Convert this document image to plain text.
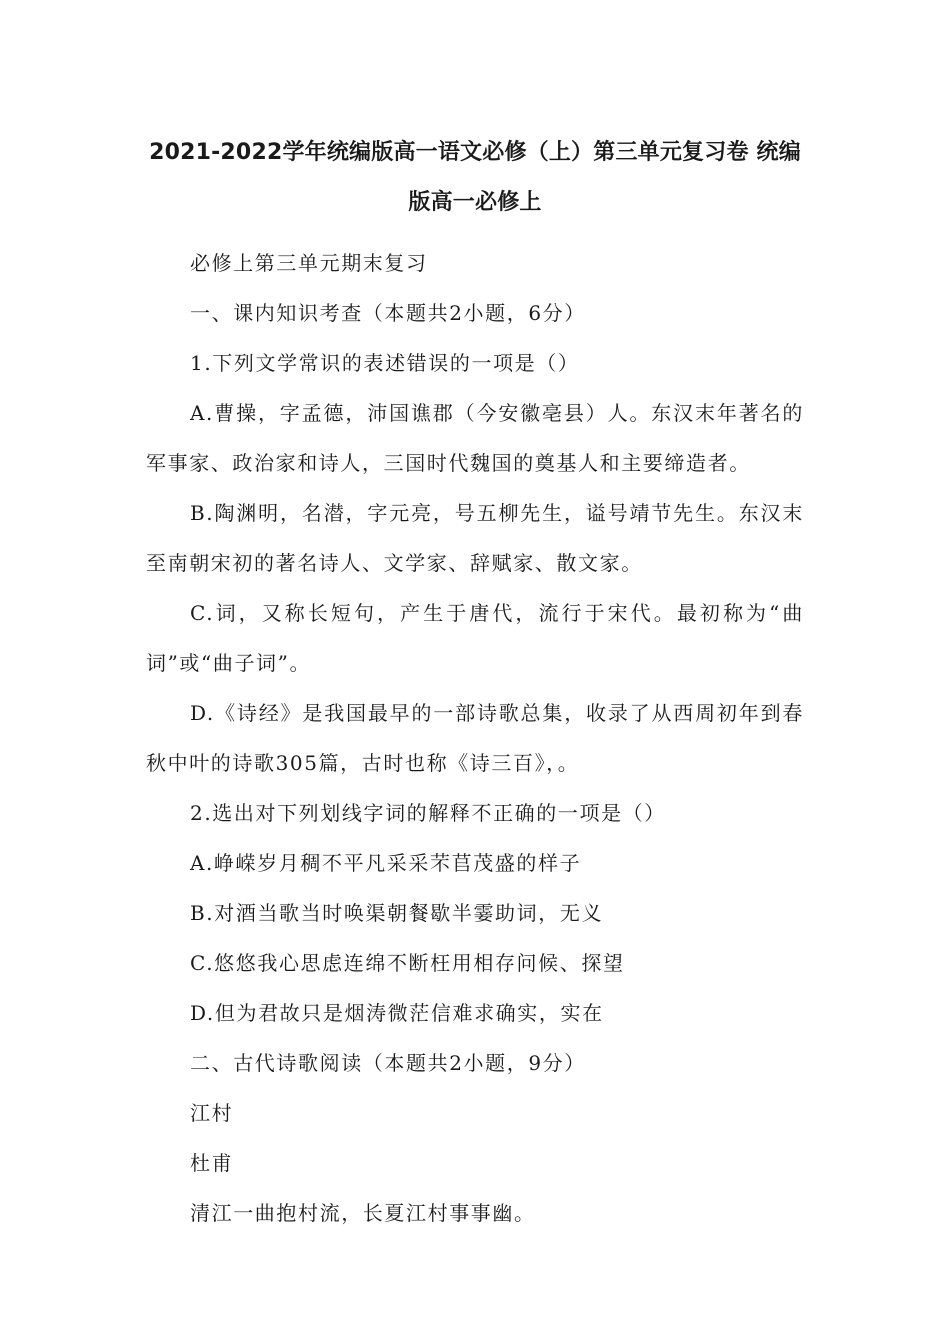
2021-2022学年统编版高一语文必修（上）第三单元复习卷 统编
版高一必修上

必修上第三单元期末复习

一、课内知识考查（本题共2小题，6分）

1.下列文学常识的表述错误的一项是（）

A.曹操，字孟德，沛国谯郡（今安徽亳县）人。东汉末年著名的军事家、政治家和诗人，三国时代魏国的奠基人和主要缔造者。

B.陶渊明，名潜，字元亮，号五柳先生，谥号靖节先生。东汉末至南朝宋初的著名诗人、文学家、辞赋家、散文家。

C.词，又称长短句，产生于唐代，流行于宋代。最初称为“曲词”或“曲子词”。

D.《诗经》是我国最早的一部诗歌总集，收录了从西周初年到春秋中叶的诗歌305篇，古时也称《诗三百》，。

2.选出对下列划线字词的解释不正确的一项是（）

A.峥嵘岁月稠不平凡采采芣苢茂盛的样子

B.对酒当歌当时唤渠朝餐歇半霎助词，无义

C.悠悠我心思虑连绵不断枉用相存问候、探望

D.但为君故只是烟涛微茫信难求确实，实在

二、古代诗歌阅读（本题共2小题，9分）

江村

杜甫

清江一曲抱村流，长夏江村事事幽。
